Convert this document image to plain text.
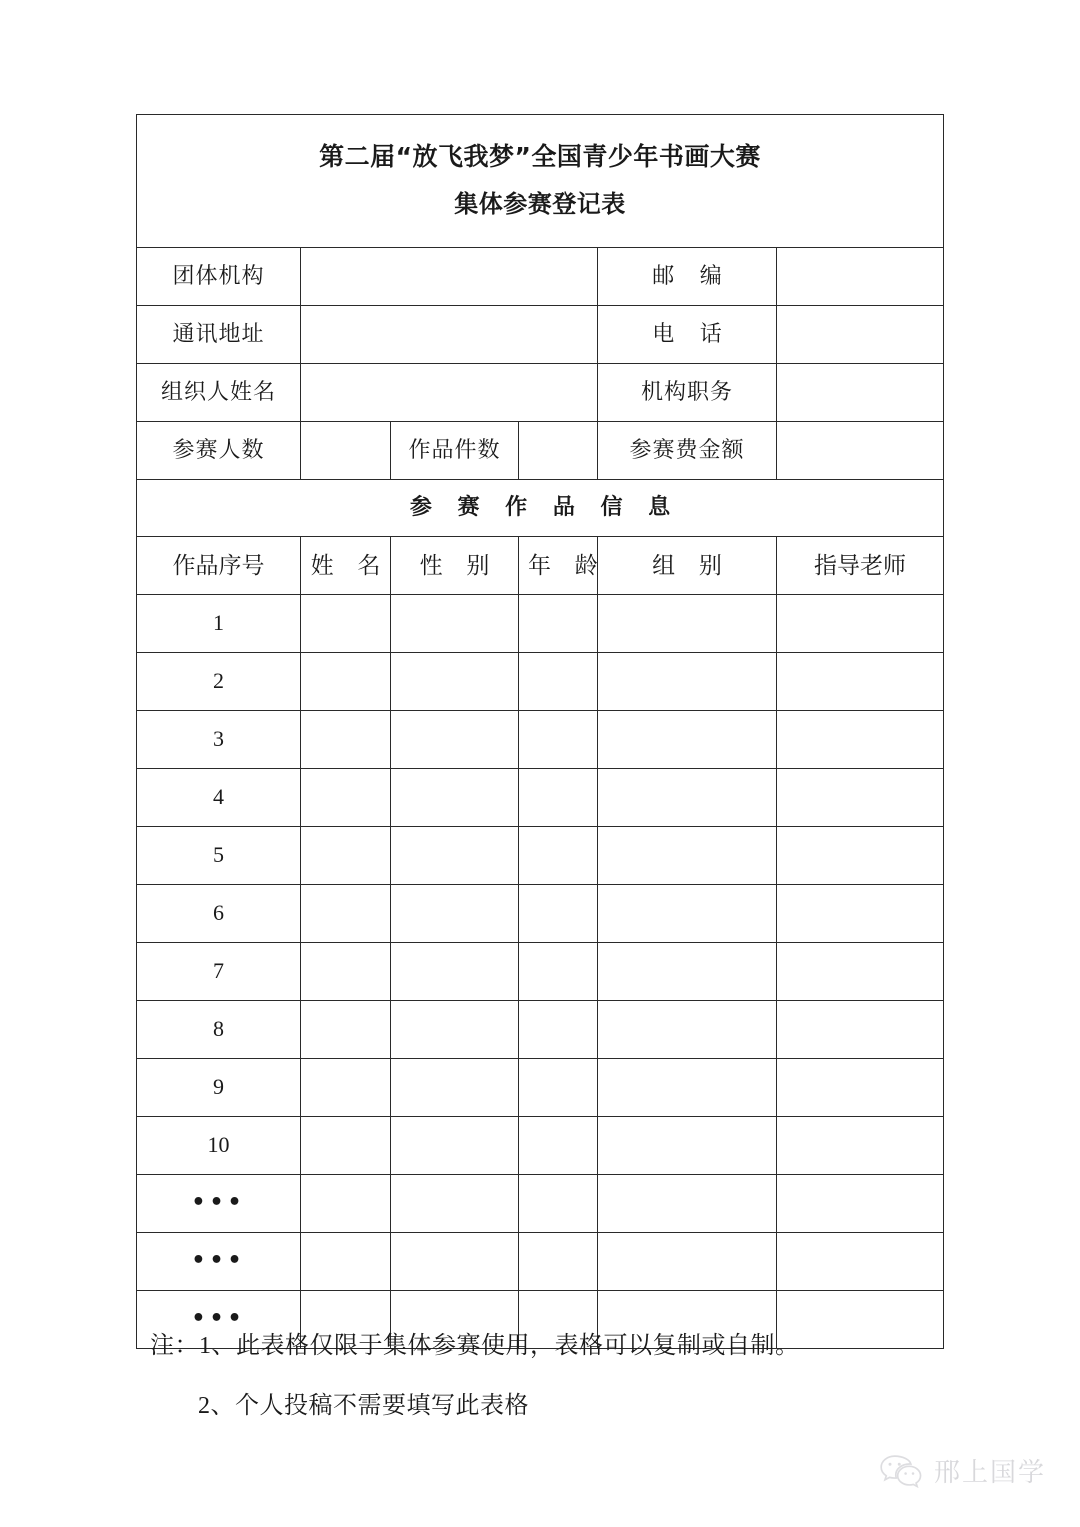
第二届“放飞我梦”全国青少年书画大赛
集体参赛登记表					

团体机构				邮 编	
通讯地址				电 话	
组织人姓名				机构职务	
参赛人数		作品件数		参赛费金额	
参 赛 作 品 信 息					
作品序号	姓 名	性 别	年 龄	组 别	指导老师
1					
2					
3					
4					
5					
6					
7					
8					
9					
10					
•••					
•••					
•••					
注：1、此表格仅限于集体参赛使用，表格可以复制或自制。
2、个人投稿不需要填写此表格
邢上国学
